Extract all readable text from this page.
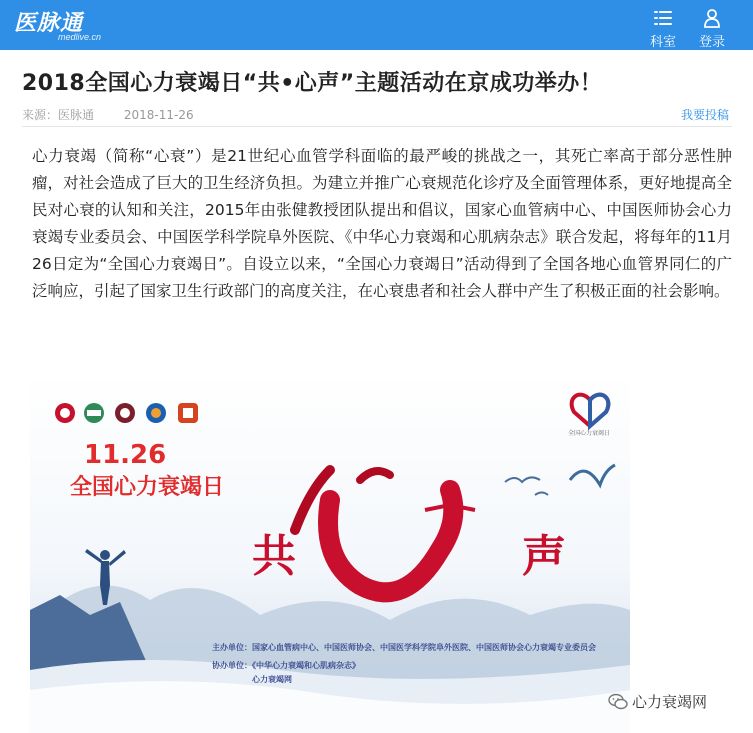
医脉通
medlive.cn	科室	登录
2018全国心力衰竭日“共•心声”主题活动在京成功举办！
来源：医脉通 2018-11-26	我要投稿

心力衰竭（简称“心衰”）是21世纪心血管学科面临的最严峻的挑战之一，其死亡率高于部分恶性肿瘤，对社会造成了巨大的卫生经济负担。为建立并推广心衰规范化诊疗及全面管理体系，更好地提高全民对心衰的认知和关注，2015年由张健教授团队提出和倡议，国家心血管病中心、中国医师协会心力衰竭专业委员会、中国医学科学院阜外医院、《中华心力衰竭和心肌病杂志》联合发起，将每年的11月26日定为“全国心力衰竭日”。自设立以来，“全国心力衰竭日”活动得到了全国各地心血管界同仁的广泛响应，引起了国家卫生行政部门的高度关注，在心衰患者和社会人群中产生了积极正面的社会影响。

11.26
全国心力衰竭日
共	声
全国心力衰竭日
主办单位：国家心血管病中心、中国医师协会、中国医学科学院阜外医院、中国医师协会心力衰竭专业委员会
协办单位：《中华心力衰竭和心肌病杂志》
心力衰竭网
心力衰竭网
